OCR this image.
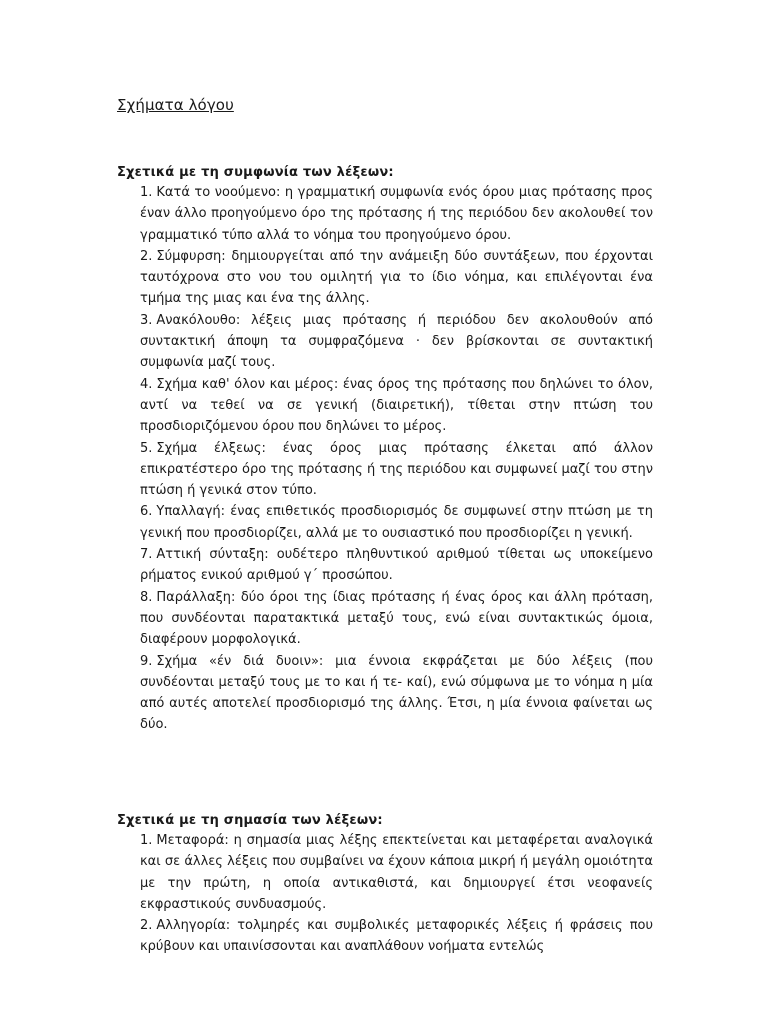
Σχήματα λόγου
Σχετικά με τη συμφωνία των λέξεων:
1. Κατά το νοούμενο: η γραμματική συμφωνία ενός όρου μιας πρότασης προς έναν άλλο προηγούμενο όρο της πρότασης ή της περιόδου δεν ακολουθεί τον γραμματικό τύπο αλλά το νόημα του προηγούμενο όρου.
2. Σύμφυρση: δημιουργείται από την ανάμειξη δύο συντάξεων, που έρχονται ταυτόχρονα στο νου του ομιλητή για το ίδιο νόημα, και επιλέγονται ένα τμήμα της μιας και ένα της άλλης.
3. Ανακόλουθο: λέξεις μιας πρότασης ή περιόδου δεν ακολουθούν από συντακτική άποψη τα συμφραζόμενα · δεν βρίσκονται σε συντακτική συμφωνία μαζί τους.
4. Σχήμα καθ' όλον και μέρος: ένας όρος της πρότασης που δηλώνει το όλον, αντί να τεθεί να σε γενική (διαιρετική), τίθεται στην πτώση του προσδιοριζόμενου όρου που δηλώνει το μέρος.
5. Σχήμα έλξεως: ένας όρος μιας πρότασης έλκεται από άλλον επικρατέστερο όρο της πρότασης ή της περιόδου και συμφωνεί μαζί του στην πτώση ή γενικά στον τύπο.
6. Υπαλλαγή: ένας επιθετικός προσδιορισμός δε συμφωνεί στην πτώση με τη γενική που προσδιορίζει, αλλά με το ουσιαστικό που προσδιορίζει η γενική.
7. Αττική σύνταξη: ουδέτερο πληθυντικού αριθμού τίθεται ως υποκείμενο ρήματος ενικού αριθμού γ΄ προσώπου.
8. Παράλλαξη: δύο όροι της ίδιας πρότασης ή ένας όρος και άλλη πρόταση, που συνδέονται παρατακτικά μεταξύ τους, ενώ είναι συντακτικώς όμοια, διαφέρουν μορφολογικά.
9. Σχήμα «έν διά δυοιν»: μια έννοια εκφράζεται με δύο λέξεις (που συνδέονται μεταξύ τους με το και ή τε- καί), ενώ σύμφωνα με το νόημα η μία από αυτές αποτελεί προσδιορισμό της άλλης. Έτσι, η μία έννοια φαίνεται ως δύο.
Σχετικά με τη σημασία των λέξεων:
1. Μεταφορά: η σημασία μιας λέξης επεκτείνεται και μεταφέρεται αναλογικά και σε άλλες λέξεις που συμβαίνει να έχουν κάποια μικρή ή μεγάλη ομοιότητα με την πρώτη, η οποία αντικαθιστά, και δημιουργεί έτσι νεοφανείς εκφραστικούς συνδυασμούς.
2. Αλληγορία: τολμηρές και συμβολικές μεταφορικές λέξεις ή φράσεις που κρύβουν και υπαινίσσονται και αναπλάθουν νοήματα εντελώς
